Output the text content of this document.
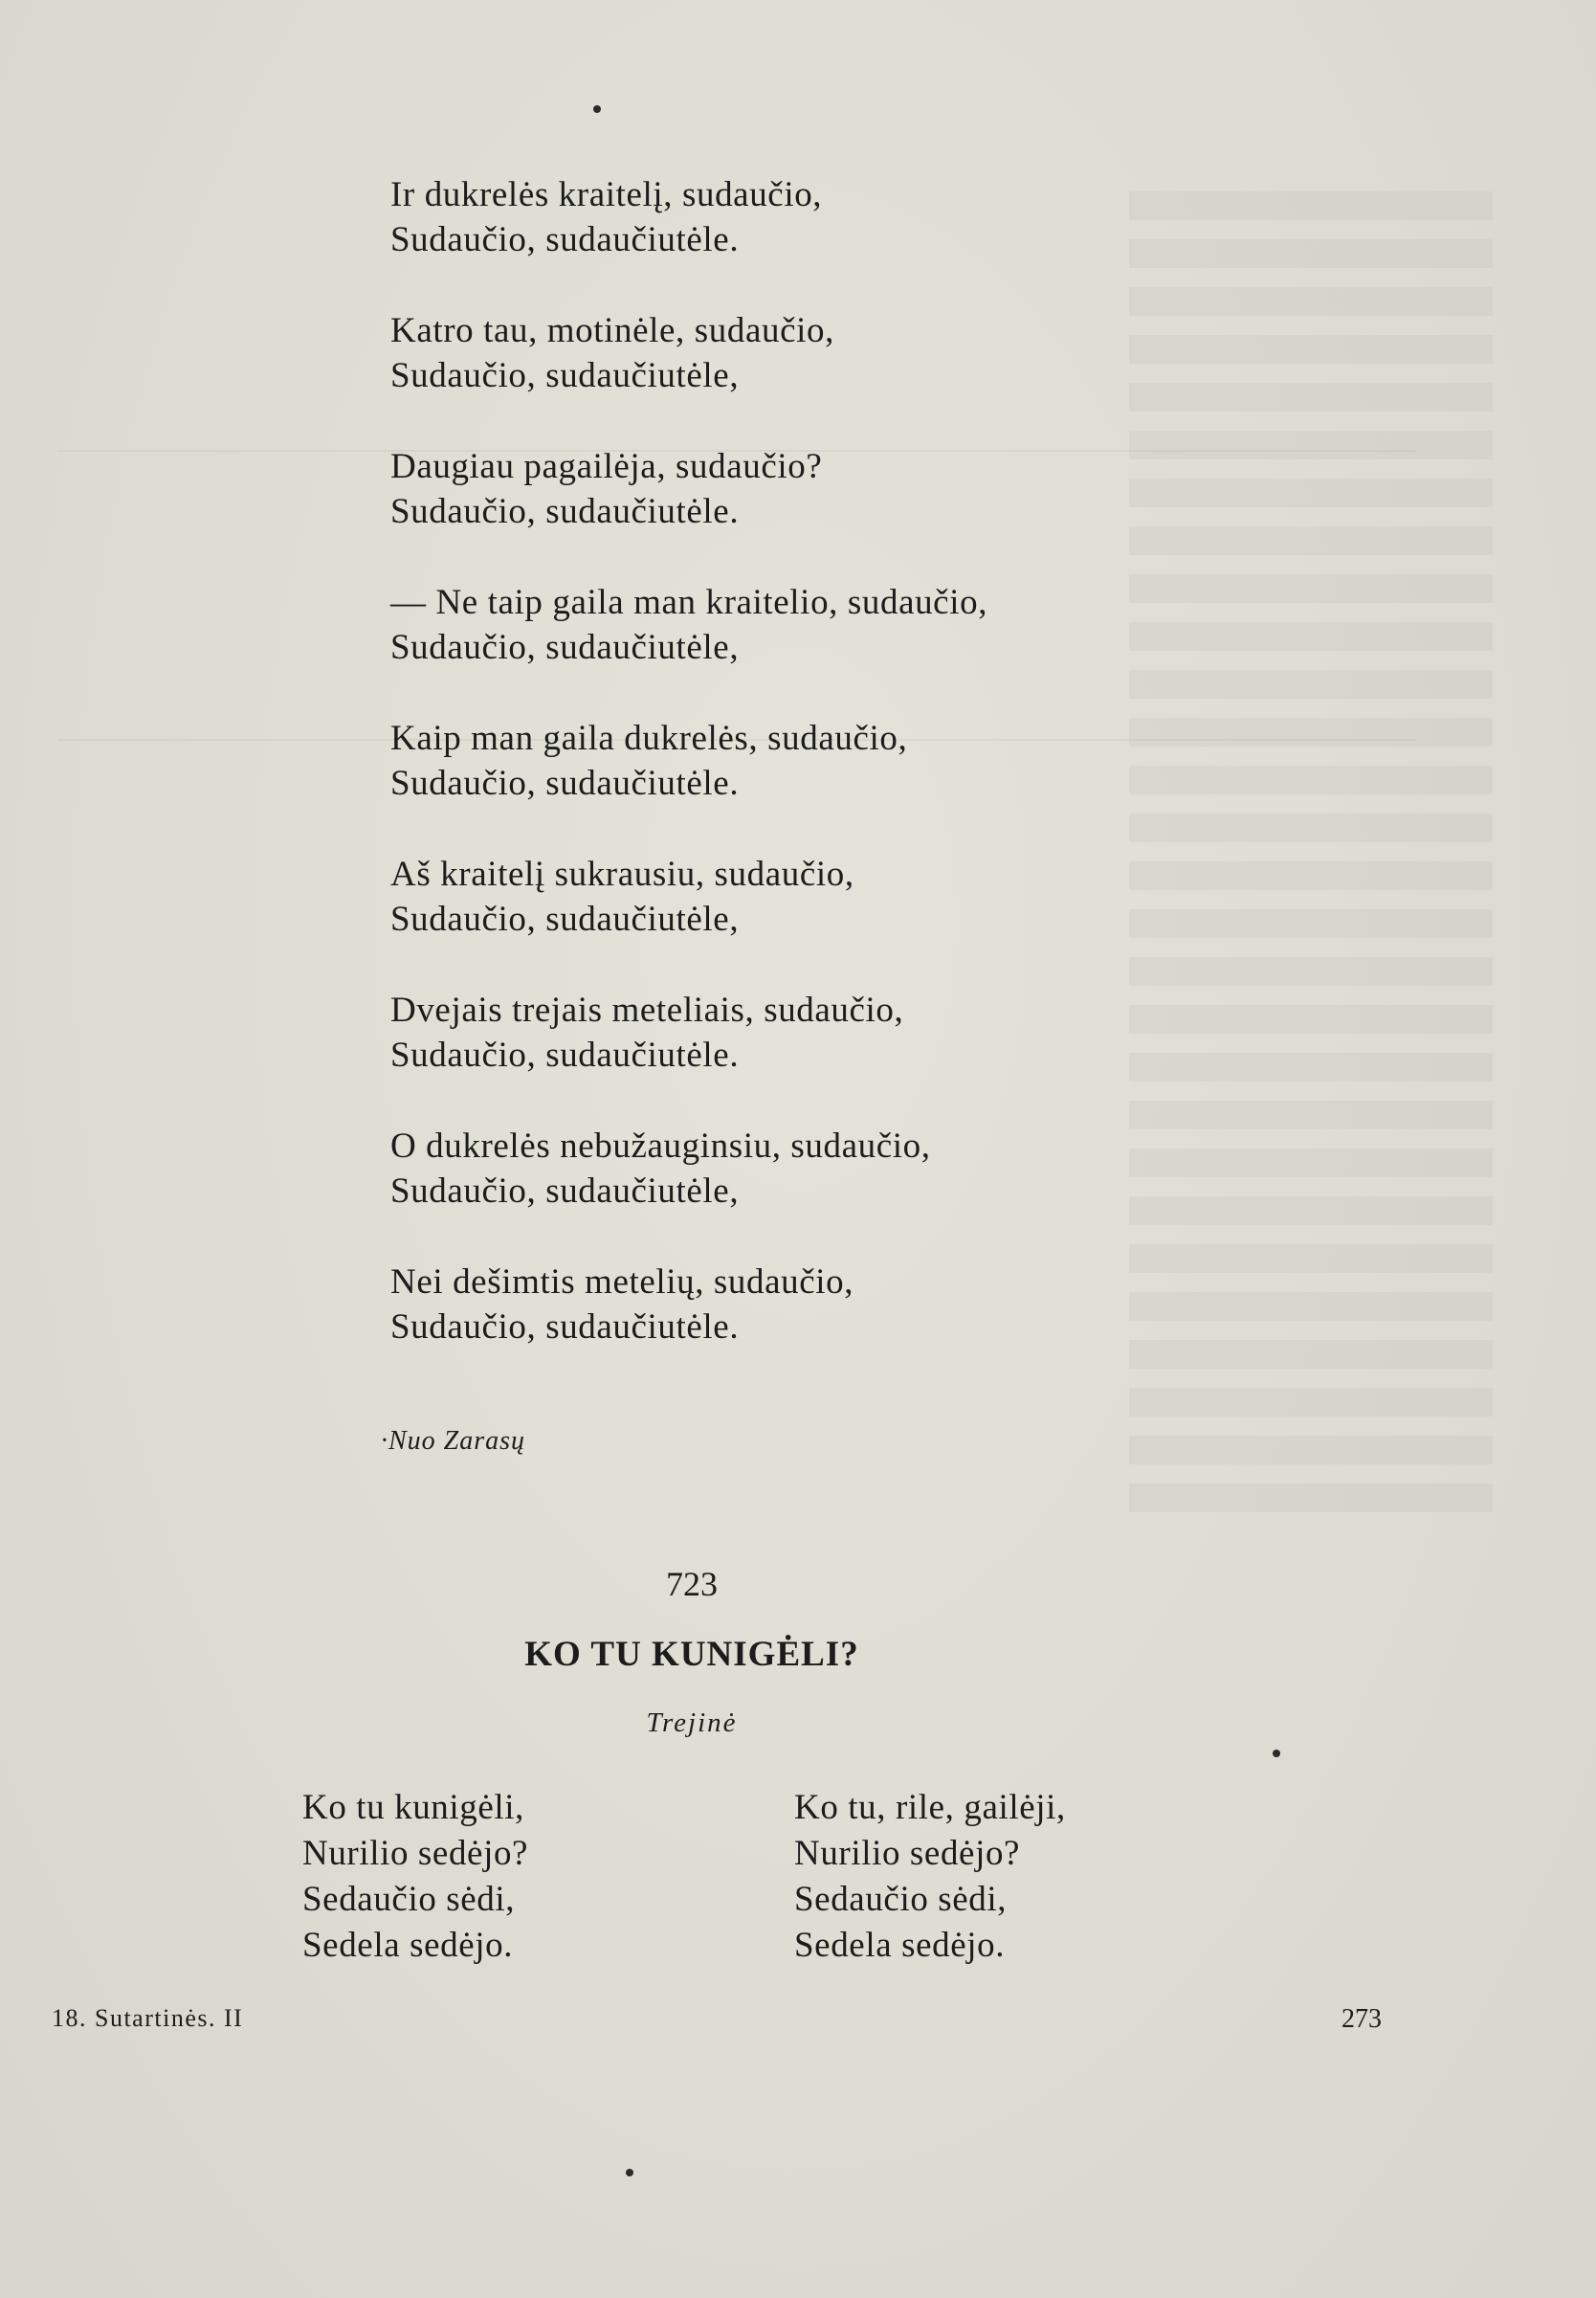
Ir dukrelės kraitelį, sudaučio,
Sudaučio, sudaučiutėle.
Katro tau, motinėle, sudaučio,
Sudaučio, sudaučiutėle,
Daugiau pagailėja, sudaučio?
Sudaučio, sudaučiutėle.
— Ne taip gaila man kraitelio, sudaučio,
Sudaučio, sudaučiutėle,
Kaip man gaila dukrelės, sudaučio,
Sudaučio, sudaučiutėle.
Aš kraitelį sukrausiu, sudaučio,
Sudaučio, sudaučiutėle,
Dvejais trejais meteliais, sudaučio,
Sudaučio, sudaučiutėle.
O dukrelės nebužauginsiu, sudaučio,
Sudaučio, sudaučiutėle,
Nei dešimtis metelių, sudaučio,
Sudaučio, sudaučiutėle.
·Nuo Zarasų
723
KO TU KUNIGĖLI?
Trejinė
Ko tu kunigėli,
Nurilio sedėjo?
Sedaučio sėdi,
Sedela sedėjo.
Ko tu, rile, gailėji,
Nurilio sedėjo?
Sedaučio sėdi,
Sedela sedėjo.
18. Sutartinės. II	273
